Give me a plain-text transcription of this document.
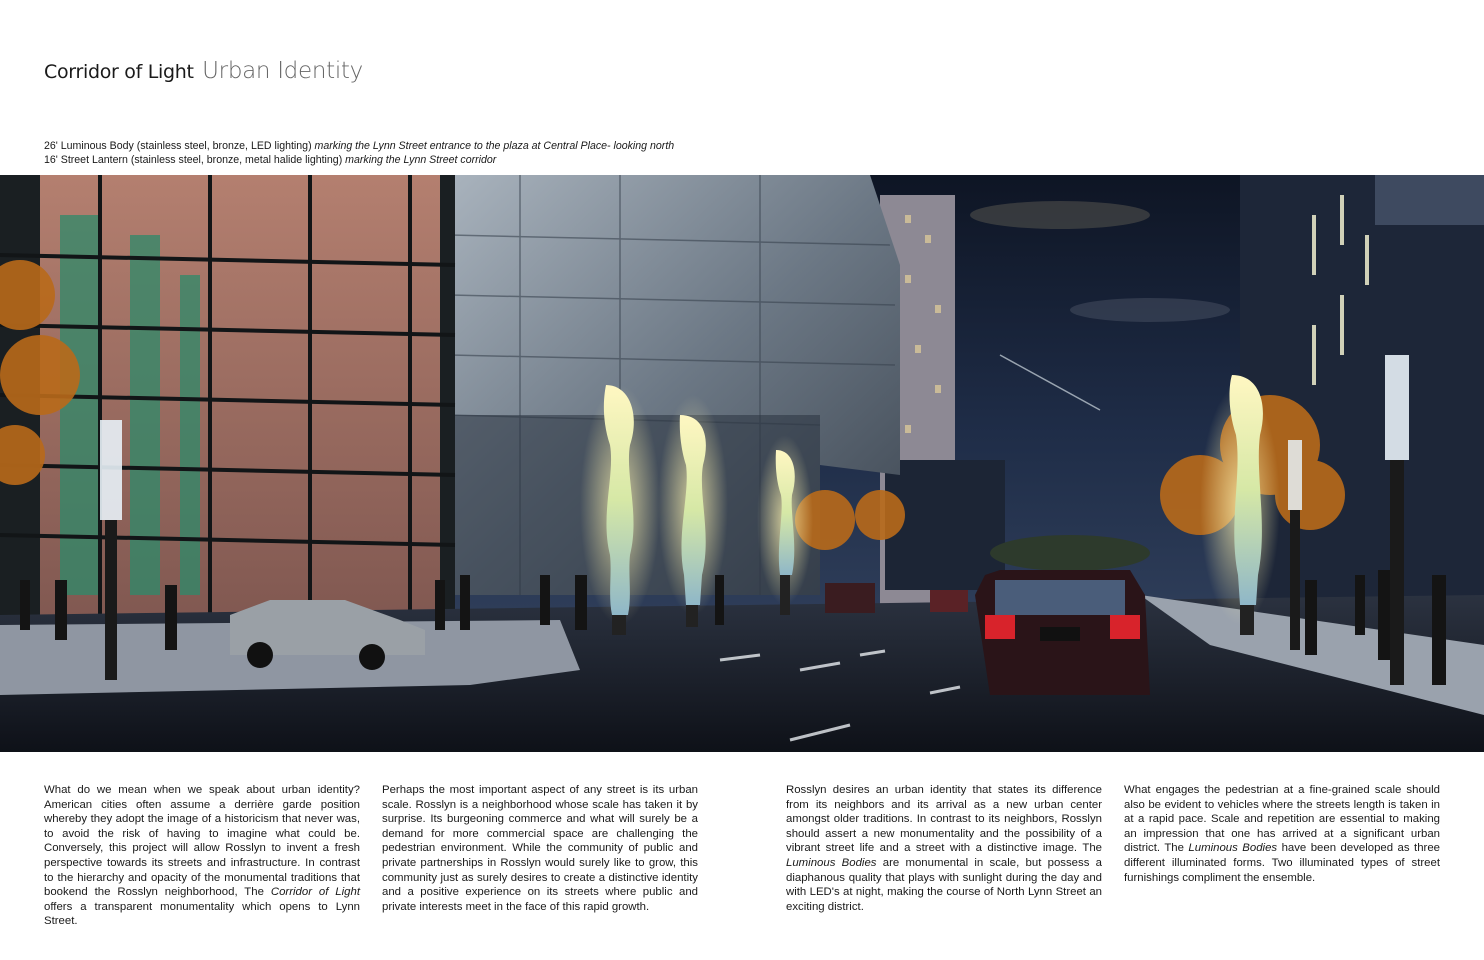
Corridor of Light Urban Identity
26' Luminous Body (stainless steel, bronze, LED lighting) marking the Lynn Street entrance to the plaza at Central Place- looking north
16' Street Lantern (stainless steel, bronze, metal halide lighting) marking the Lynn Street corridor
What do we mean when we speak about urban identity? American cities often assume a derrière garde position whereby they adopt the image of a historicism that never was, to avoid the risk of having to imagine what could be. Conversely, this project will allow Rosslyn to invent a fresh perspective towards its streets and infrastructure. In contrast to the hierarchy and opacity of the monumental traditions that bookend the Rosslyn neighborhood, The Corridor of Light offers a transparent monumentality which opens to Lynn Street.
Perhaps the most important aspect of any street is its urban scale. Rosslyn is a neighborhood whose scale has taken it by surprise. Its burgeoning commerce and what will surely be a demand for more commercial space are challenging the pedestrian environment. While the community of public and private partnerships in Rosslyn would surely like to grow, this community just as surely desires to create a distinctive identity and a positive experience on its streets where public and private interests meet in the face of this rapid growth.
Rosslyn desires an urban identity that states its difference from its neighbors and its arrival as a new urban center amongst older traditions. In contrast to its neighbors, Rosslyn should assert a new monumentality and the possibility of a vibrant street life and a street with a distinctive image. The Luminous Bodies are monumental in scale, but possess a diaphanous quality that plays with sunlight during the day and with LED's at night, making the course of North Lynn Street an exciting district.
What engages the pedestrian at a fine-grained scale should also be evident to vehicles where the streets length is taken in at a rapid pace. Scale and repetition are essential to making an impression that one has arrived at a significant urban district. The Luminous Bodies have been developed as three different illuminated forms. Two illuminated types of street furnishings compliment the ensemble.
